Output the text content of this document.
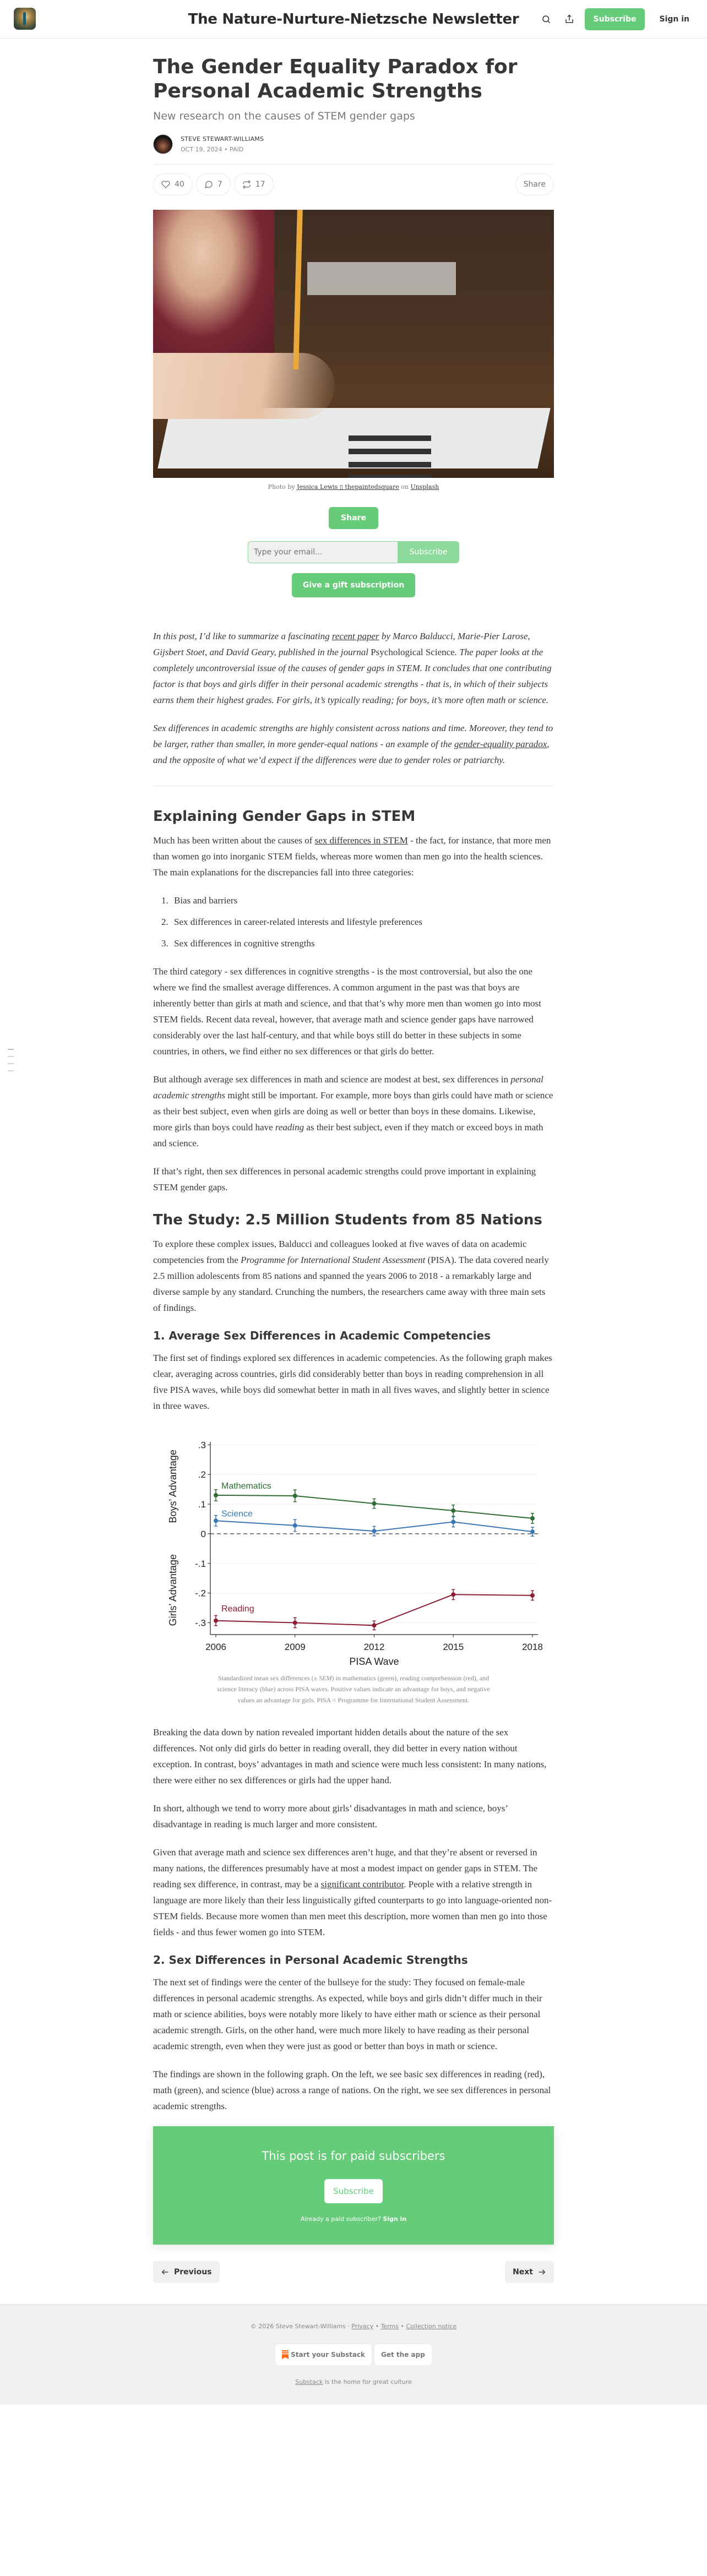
The Nature-Nurture-Nietzsche Newsletter	Subscribe	Sign in
The Gender Equality Paradox for Personal Academic Strengths
New research on the causes of STEM gender gaps
STEVE STEWART-WILLIAMS
OCT 19, 2024 • PAID
40	7	17	Share
Photo by Jessica Lewis ▯ thepaintedsquare on Unsplash
Share
Type your email...
Subscribe
Give a gift subscription

In this post, I’d like to summarize a fascinating recent paper by Marco Balducci, Marie-Pier Larose, Gijsbert Stoet, and David Geary, published in the journal Psychological Science. The paper looks at the completely uncontroversial issue of the causes of gender gaps in STEM. It concludes that one contributing factor is that boys and girls differ in their personal academic strengths - that is, in which of their subjects earns them their highest grades. For girls, it’s typically reading; for boys, it’s more often math or science.

Sex differences in academic strengths are highly consistent across nations and time. Moreover, they tend to be larger, rather than smaller, in more gender-equal nations - an example of the gender-equality paradox, and the opposite of what we’d expect if the differences were due to gender roles or patriarchy.

Explaining Gender Gaps in STEM

Much has been written about the causes of sex differences in STEM - the fact, for instance, that more men than women go into inorganic STEM fields, whereas more women than men go into the health sciences. The main explanations for the discrepancies fall into three categories:

1. Bias and barriers
2. Sex differences in career-related interests and lifestyle preferences
3. Sex differences in cognitive strengths

The third category - sex differences in cognitive strengths - is the most controversial, but also the one where we find the smallest average differences. A common argument in the past was that boys are inherently better than girls at math and science, and that that’s why more men than women go into most STEM fields. Recent data reveal, however, that average math and science gender gaps have narrowed considerably over the last half-century, and that while boys still do better in these subjects in some countries, in others, we find either no sex differences or that girls do better.

But although average sex differences in math and science are modest at best, sex differences in personal academic strengths might still be important. For example, more boys than girls could have math or science as their best subject, even when girls are doing as well or better than boys in these domains. Likewise, more girls than boys could have reading as their best subject, even if they match or exceed boys in math and science.

If that’s right, then sex differences in personal academic strengths could prove important in explaining STEM gender gaps.

The Study: 2.5 Million Students from 85 Nations

To explore these complex issues, Balducci and colleagues looked at five waves of data on academic competencies from the Programme for International Student Assessment (PISA). The data covered nearly 2.5 million adolescents from 85 nations and spanned the years 2006 to 2018 - a remarkably large and diverse sample by any standard. Crunching the numbers, the researchers came away with three main sets of findings.

1. Average Sex Differences in Academic Competencies

The first set of findings explored sex differences in academic competencies. As the following graph makes clear, averaging across countries, girls did considerably better than boys in reading comprehension in all five PISA waves, while boys did somewhat better in math in all fives waves, and slightly better in science in three waves.

.3
.2
.1
0
-.1
-.2
-.3
2006	2009	2012	2015	2018
PISA Wave
Boys’ Advantage
Girls’ Advantage
Mathematics
Science
Reading
Standardized mean sex differences (± SEM) in mathematics (green), reading comprehension (red), and science literacy (blue) across PISA waves. Positive values indicate an advantage for boys, and negative values an advantage for girls. PISA = Programme for International Student Assessment.

Breaking the data down by nation revealed important hidden details about the nature of the sex differences. Not only did girls do better in reading overall, they did better in every nation without exception. In contrast, boys’ advantages in math and science were much less consistent: In many nations, there were either no sex differences or girls had the upper hand.

In short, although we tend to worry more about girls’ disadvantages in math and science, boys’ disadvantage in reading is much larger and more consistent.

Given that average math and science sex differences aren’t huge, and that they’re absent or reversed in many nations, the differences presumably have at most a modest impact on gender gaps in STEM. The reading sex difference, in contrast, may be a significant contributor. People with a relative strength in language are more likely than their less linguistically gifted counterparts to go into language-oriented non-STEM fields. Because more women than men meet this description, more women than men go into those fields - and thus fewer women go into STEM.

2. Sex Differences in Personal Academic Strengths

The next set of findings were the center of the bullseye for the study: They focused on female-male differences in personal academic strengths. As expected, while boys and girls didn’t differ much in their math or science abilities, boys were notably more likely to have either math or science as their personal academic strength. Girls, on the other hand, were much more likely to have reading as their personal academic strength, even when they were just as good or better than boys in math or science.

The findings are shown in the following graph. On the left, we see basic sex differences in reading (red), math (green), and science (blue) across a range of nations. On the right, we see sex differences in personal academic strengths.

This post is for paid subscribers
Subscribe
Already a paid subscriber? Sign in
Previous	Next
© 2026 Steve Stewart-Williams · Privacy • Terms • Collection notice
Start your Substack Get the app
Substack is the home for great culture
